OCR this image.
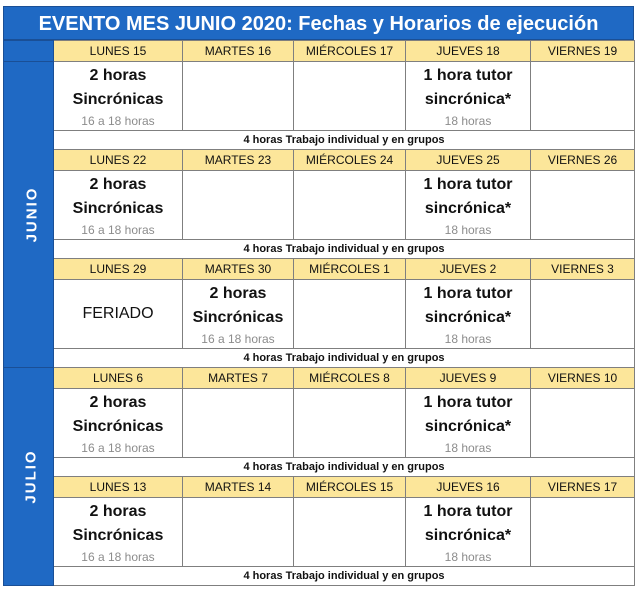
EVENTO MES JUNIO 2020: Fechas y Horarios de ejecución
	LUNES 15	MARTES 16	MIÉRCOLES 17	JUEVES 18	VIERNES 19
JUNIO	2 horas
Sincrónicas
16 a 18 horas			1 hora tutor
sincrónica*
18 horas	

	4 horas Trabajo individual y en grupos				
	LUNES 22	MARTES 23	MIÉRCOLES 24	JUEVES 25	VIERNES 26

	2 horas
Sincrónicas
16 a 18 horas			1 hora tutor
sincrónica*
18 horas	

	4 horas Trabajo individual y en grupos				
	LUNES 29	MARTES 30	MIÉRCOLES 1	JUEVES 2	VIERNES 3
	FERIADO	2 horas
Sincrónicas
16 a 18 horas		1 hora tutor
sincrónica*
18 horas	

	4 horas Trabajo individual y en grupos				
JULIO	LUNES 6	MARTES 7	MIÉRCOLES 8	JUEVES 9	VIERNES 10

	2 horas
Sincrónicas
16 a 18 horas			1 hora tutor
sincrónica*
18 horas	

	4 horas Trabajo individual y en grupos				
	LUNES 13	MARTES 14	MIÉRCOLES 15	JUEVES 16	VIERNES 17

	2 horas
Sincrónicas
16 a 18 horas			1 hora tutor
sincrónica*
18 horas	

	4 horas Trabajo individual y en grupos				
